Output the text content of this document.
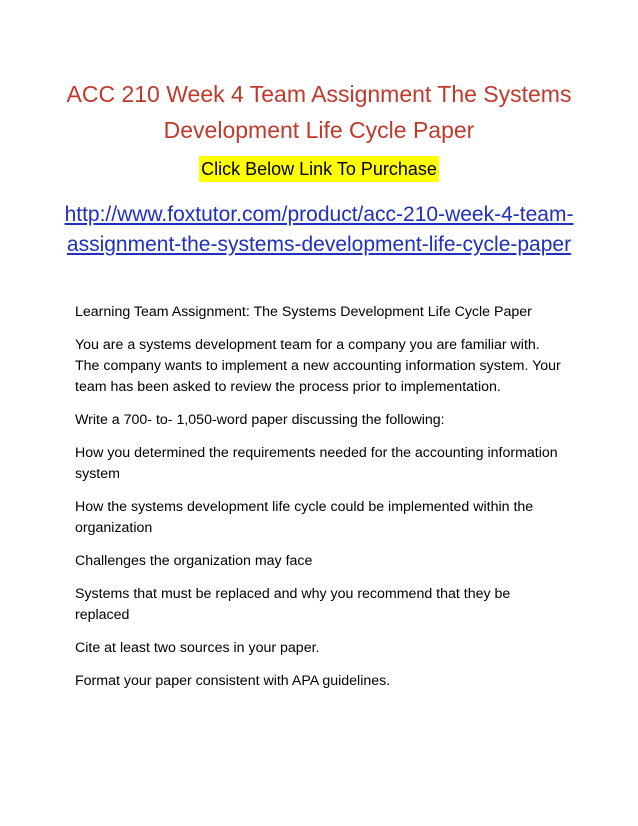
ACC 210 Week 4 Team Assignment The Systems Development Life Cycle Paper
Click Below Link To Purchase
http://www.foxtutor.com/product/acc-210-week-4-team-assignment-the-systems-development-life-cycle-paper

Learning Team Assignment: The Systems Development Life Cycle Paper

You are a systems development team for a company you are familiar with. The company wants to implement a new accounting information system. Your team has been asked to review the process prior to implementation.

Write a 700- to- 1,050-word paper discussing the following:

How you determined the requirements needed for the accounting information system

How the systems development life cycle could be implemented within the organization

Challenges the organization may face

Systems that must be replaced and why you recommend that they be replaced

Cite at least two sources in your paper.

Format your paper consistent with APA guidelines.
